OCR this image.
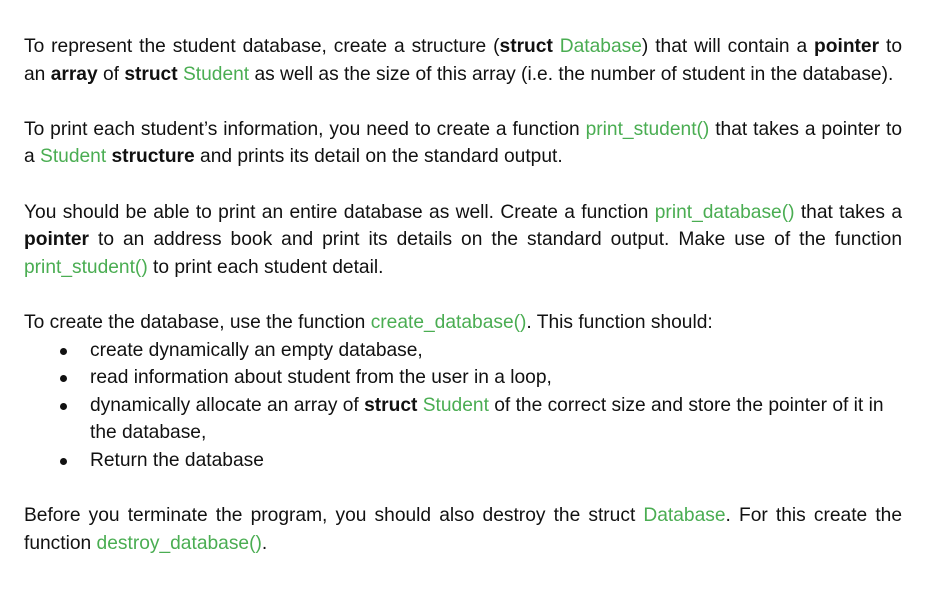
To represent the student database, create a structure (struct Database) that will contain a pointer to an array of struct Student as well as the size of this array (i.e. the number of student in the database).

To print each student’s information, you need to create a function print_student() that takes a pointer to a Student structure and prints its detail on the standard output.

You should be able to print an entire database as well. Create a function print_database() that takes a pointer to an address book and print its details on the standard output. Make use of the function print_student() to print each student detail.

To create the database, use the function create_database(). This function should:

create dynamically an empty database,
read information about student from the user in a loop,
dynamically allocate an array of struct Student of the correct size and store the pointer of it in the database,
Return the database

Before you terminate the program, you should also destroy the struct Database. For this create the function destroy_database().
